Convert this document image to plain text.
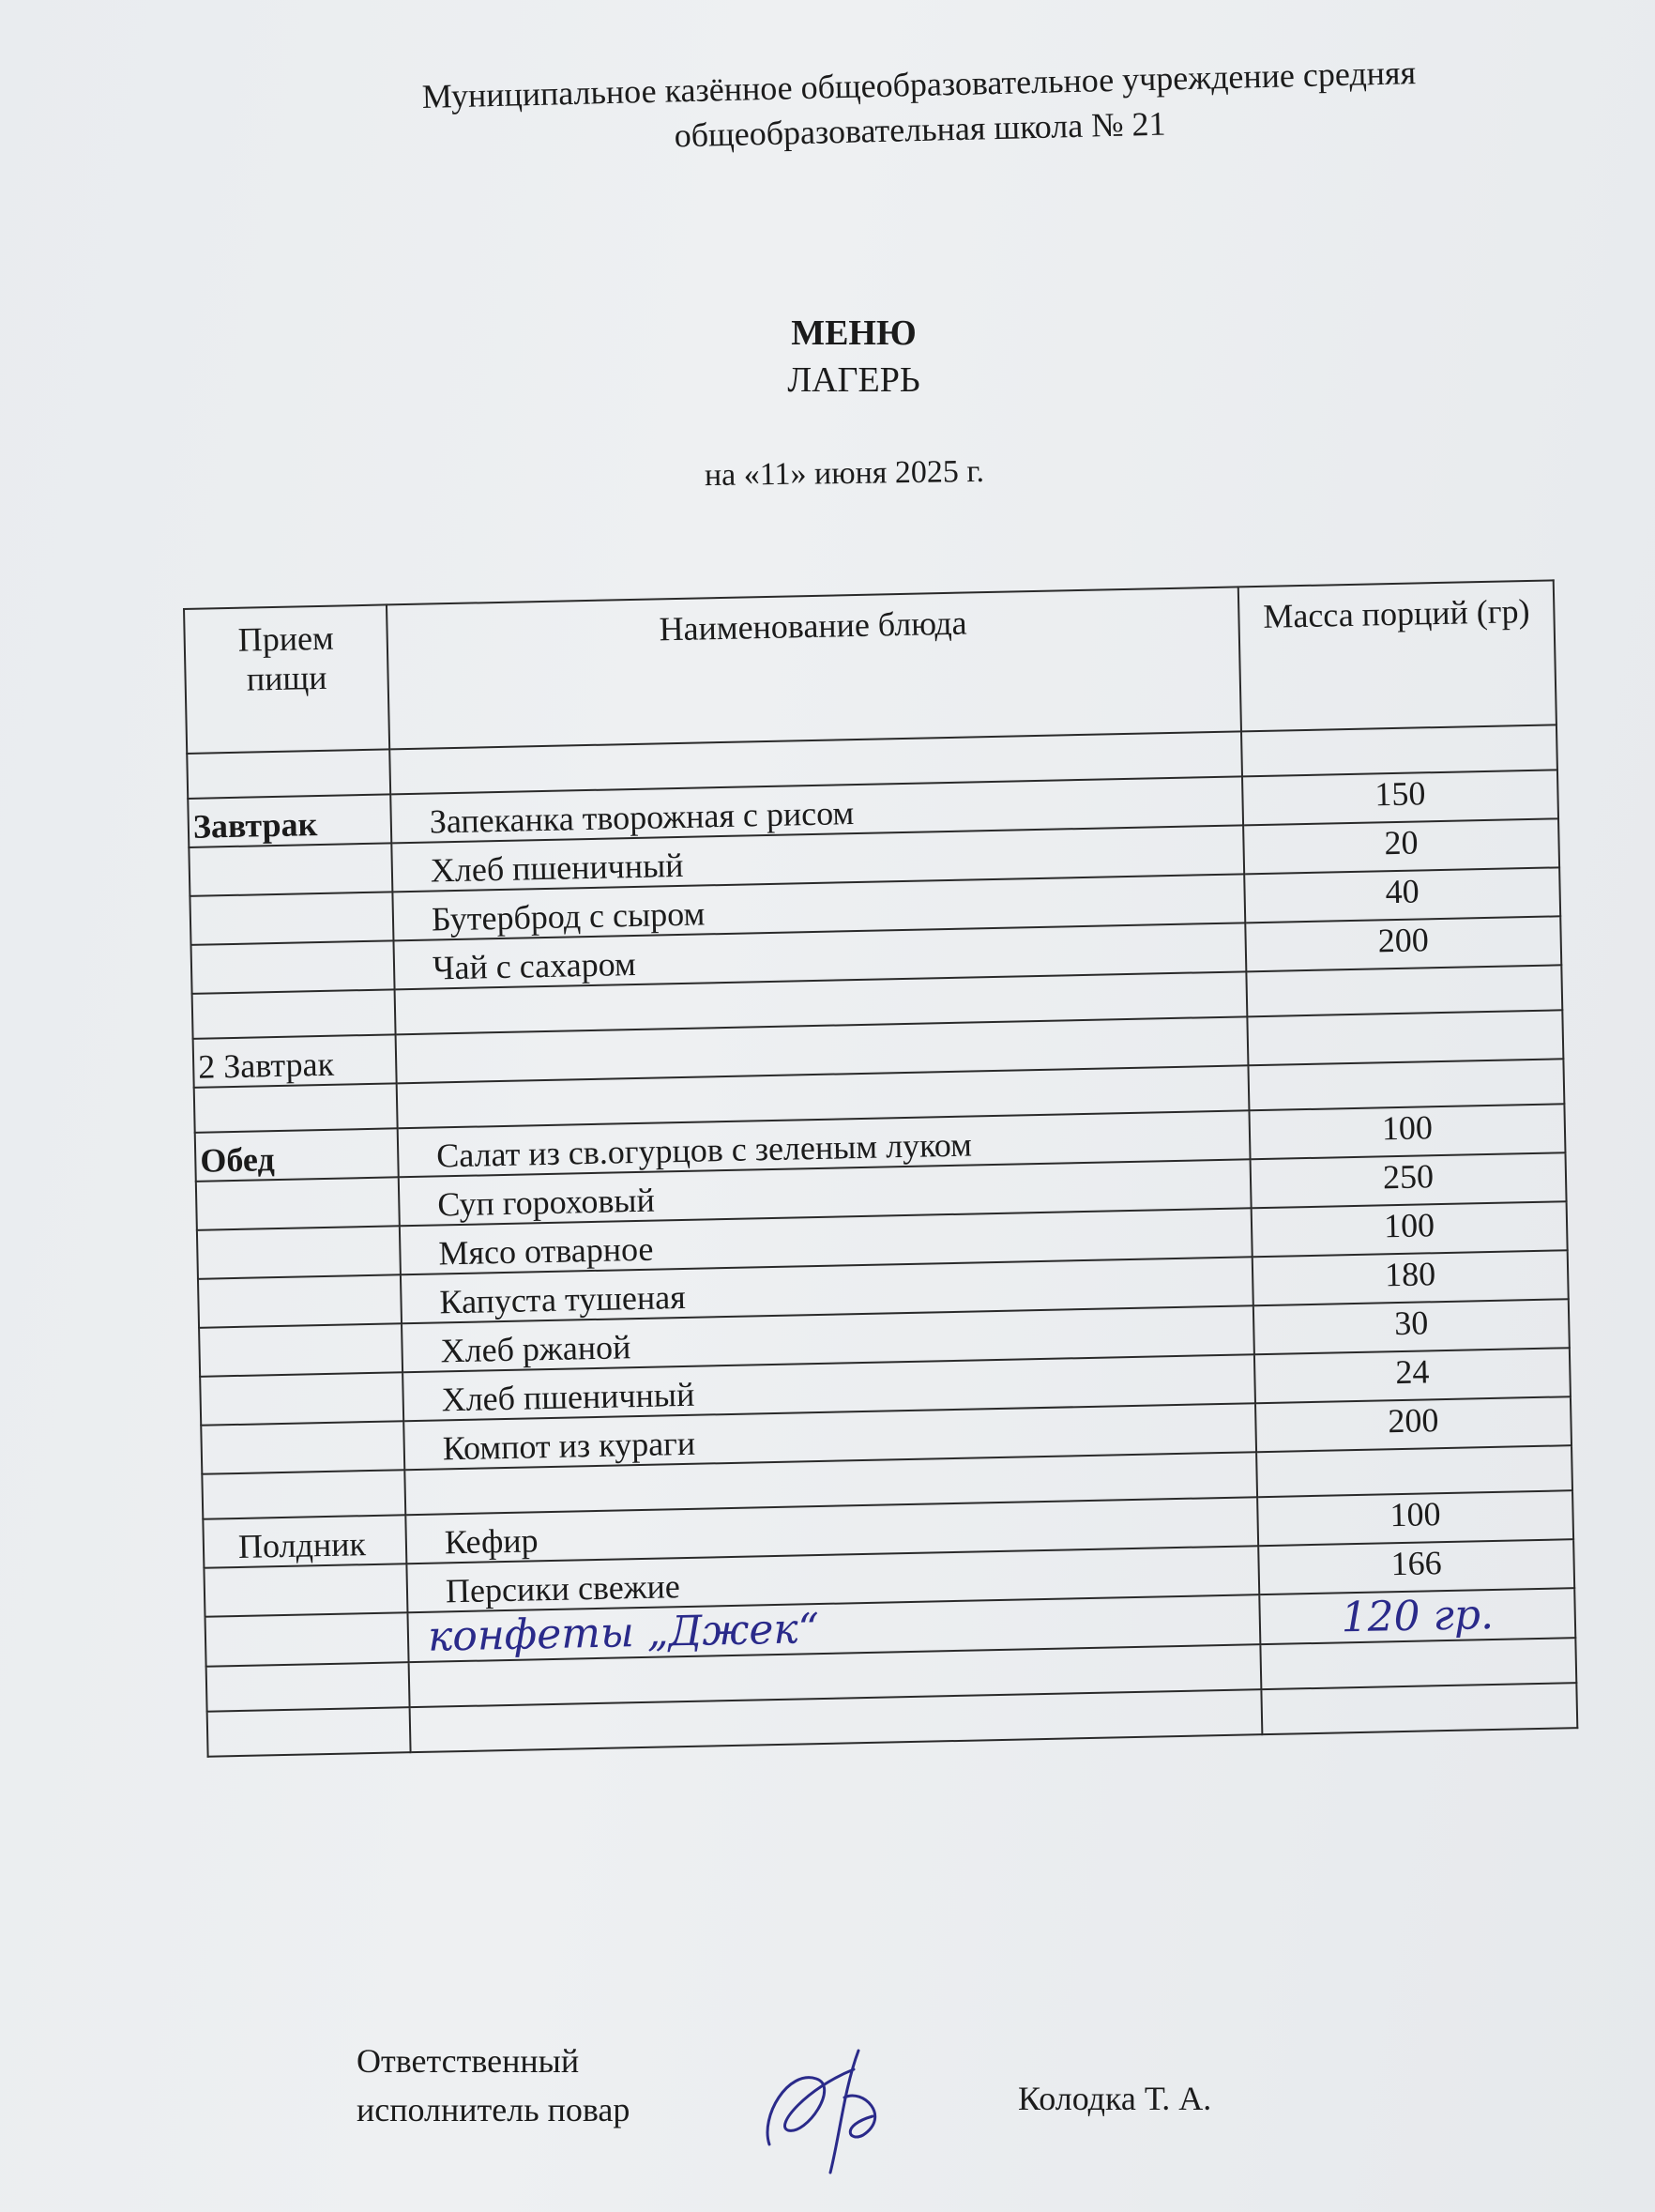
Муниципальное казённое общеобразовательное учреждение средняя
общеобразовательная школа № 21
МЕНЮ
ЛАГЕРЬ
на «11» июня 2025 г.
Прием пищи	Наименование блюда	Масса порций (гр)

Завтрак	Запеканка творожная с рисом	150
	Хлеб пшеничный	20
	Бутерброд с сыром	40
	Чай с сахаром	200

2 Завтрак		

Обед	Салат из св.огурцов с зеленым луком	100
	Суп гороховый	250
	Мясо отварное	100
	Капуста тушеная	180
	Хлеб ржаной	30
	Хлеб пшеничный	24
	Компот из кураги	200

Полдник	Кефир	100
	Персики свежие	166
	конфеты „Джек“	120 гр.

Ответственный
исполнитель повар	Колодка Т. А.
